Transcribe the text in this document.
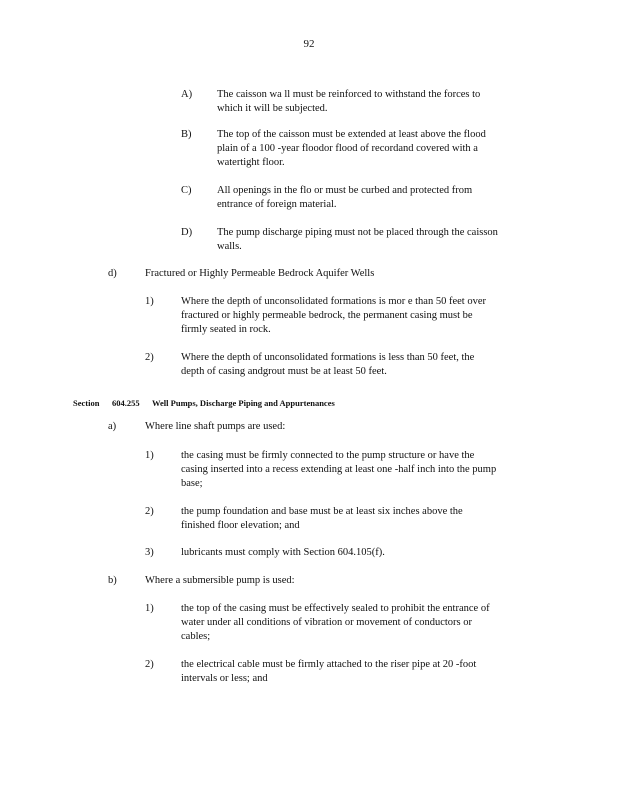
92
A)	The caisson wa ll must be reinforced to withstand the forces to
which it will be subjected.
B)	The top of the caisson must be extended at least above the flood
plain of a 100 -year floodor flood of recordand covered with a
watertight floor.
C)	All openings in the flo or must be curbed and protected from
entrance of foreign material.
D)	The pump discharge piping must not be placed through the caisson
walls.
d)	Fractured or Highly Permeable Bedrock Aquifer Wells
1)	Where the depth of unconsolidated formations is mor e than 50 feet over
fractured or highly permeable bedrock, the permanent casing must be
firmly seated in rock.
2)	Where the depth of unconsolidated formations is less than 50 feet, the
depth of casing andgrout must be at least 50 feet.
Section 604.255 Well Pumps, Discharge Piping and Appurtenances
a)	Where line shaft pumps are used:
1)	the casing must be firmly connected to the pump structure or have the
casing inserted into a recess extending at least one -half inch into the pump
base;
2)	the pump foundation and base must be at least six inches above the
finished floor elevation; and
3)	lubricants must comply with Section 604.105(f).
b)	Where a submersible pump is used:
1)	the top of the casing must be effectively sealed to prohibit the entrance of
water under all conditions of vibration or movement of conductors or
cables;
2)	the electrical cable must be firmly attached to the riser pipe at 20 -foot
intervals or less; and
